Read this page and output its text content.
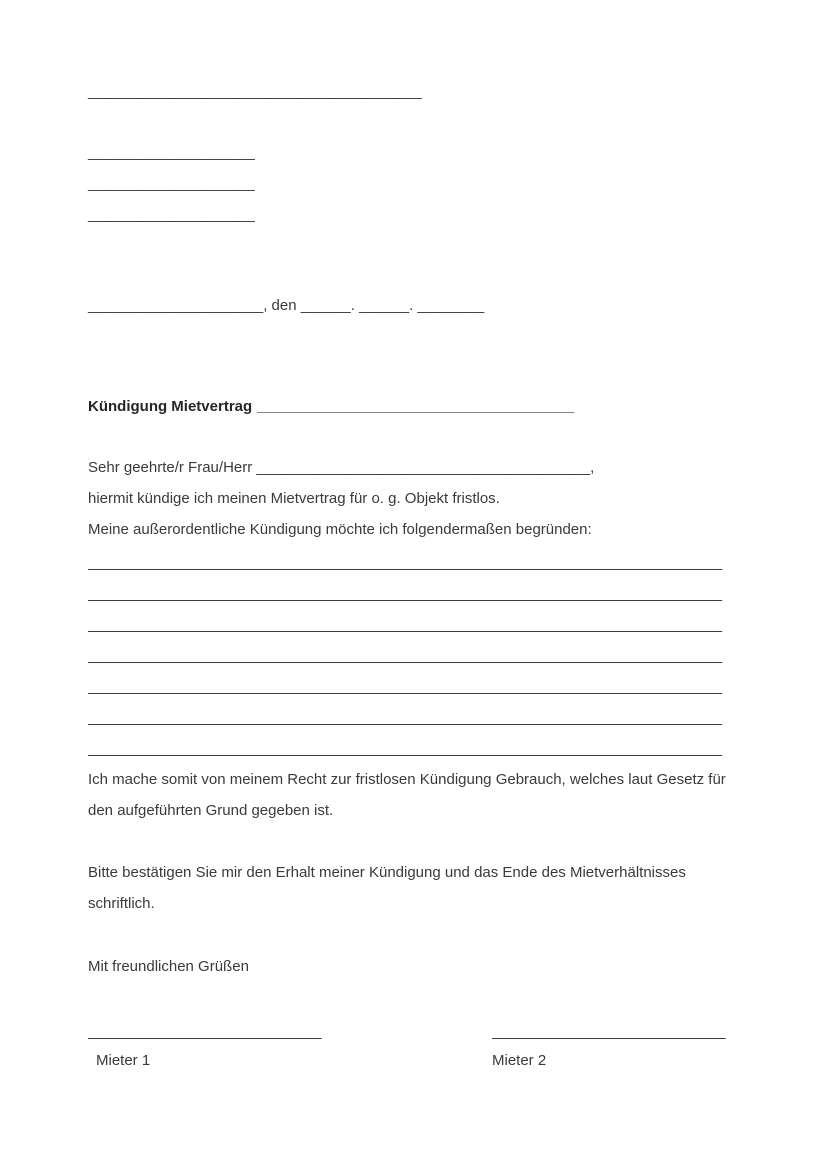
________________________________________
____________________
____________________
____________________
_____________________, den ______. ______. ________
Kündigung Mietvertrag ______________________________________
Sehr geehrte/r Frau/Herr ________________________________________,
hiermit kündige ich meinen Mietvertrag für o. g. Objekt fristlos.
Meine außerordentliche Kündigung möchte ich folgendermaßen begründen:
____________________________________________________________________________
____________________________________________________________________________
____________________________________________________________________________
____________________________________________________________________________
____________________________________________________________________________
____________________________________________________________________________
____________________________________________________________________________
Ich mache somit von meinem Recht zur fristlosen Kündigung Gebrauch, welches laut Gesetz für den aufgeführten Grund gegeben ist.
Bitte bestätigen Sie mir den Erhalt meiner Kündigung und das Ende des Mietverhältnisses schriftlich.
Mit freundlichen Grüßen
____________________________
Mieter 1
____________________________
Mieter 2
